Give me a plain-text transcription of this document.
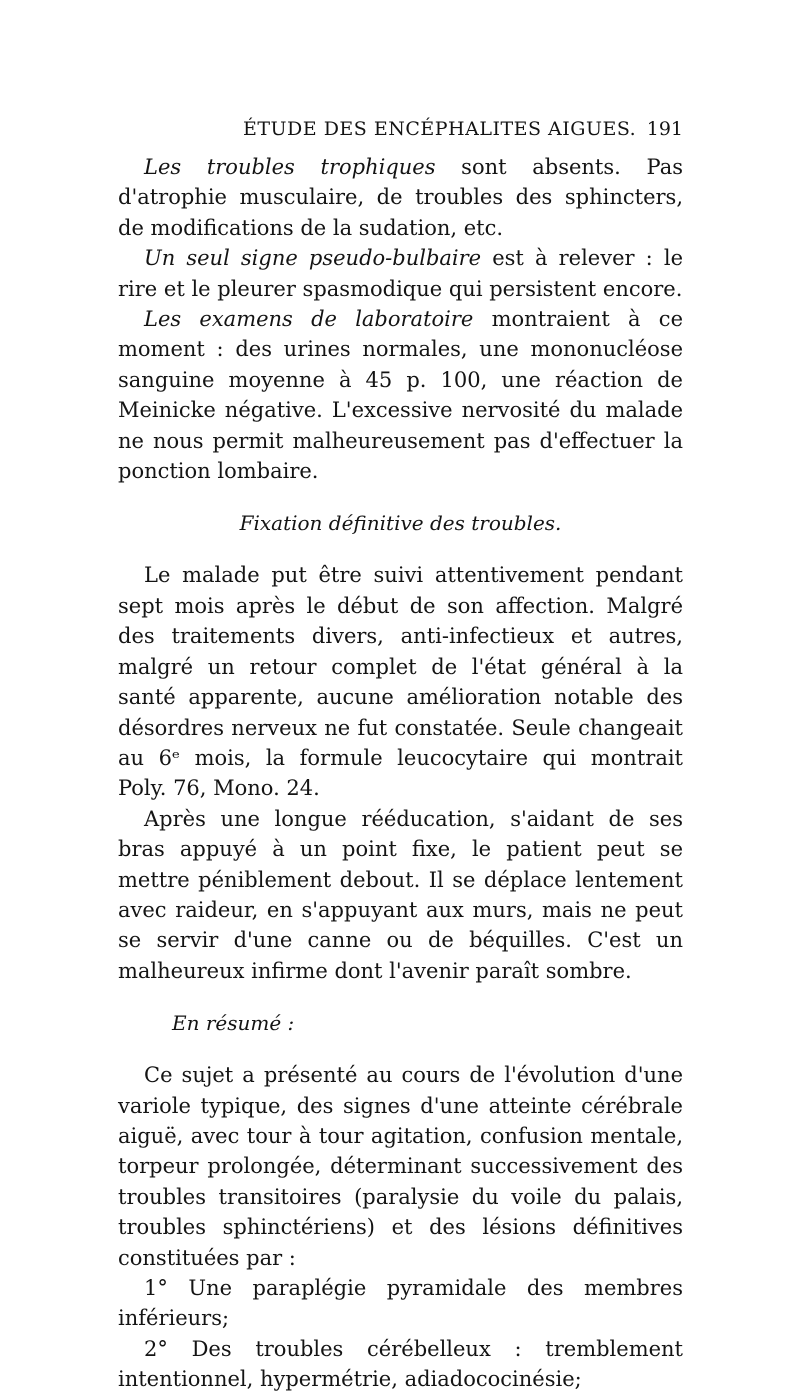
ÉTUDE DES ENCÉPHALITES AIGUES. 191

Les troubles trophiques sont absents. Pas d'atrophie musculaire, de troubles des sphincters, de modifications de la sudation, etc.

Un seul signe pseudo-bulbaire est à relever : le rire et le pleurer spasmodique qui persistent encore.

Les examens de laboratoire montraient à ce moment : des urines normales, une mononucléose sanguine moyenne à 45 p. 100, une réaction de Meinicke négative. L'excessive nervosité du malade ne nous permit malheureusement pas d'effectuer la ponction lombaire.

Fixation définitive des troubles.

Le malade put être suivi attentivement pendant sept mois après le début de son affection. Malgré des traitements divers, anti-infectieux et autres, malgré un retour complet de l'état général à la santé apparente, aucune amélioration notable des désordres nerveux ne fut constatée. Seule changeait au 6ᵉ mois, la formule leucocytaire qui montrait Poly. 76, Mono. 24.

Après une longue rééducation, s'aidant de ses bras appuyé à un point fixe, le patient peut se mettre péniblement debout. Il se déplace lentement avec raideur, en s'appuyant aux murs, mais ne peut se servir d'une canne ou de béquilles. C'est un malheureux infirme dont l'avenir paraît sombre.

En résumé :

Ce sujet a présenté au cours de l'évolution d'une variole typique, des signes d'une atteinte cérébrale aiguë, avec tour à tour agitation, confusion mentale, torpeur prolongée, déterminant successivement des troubles transitoires (paralysie du voile du palais, troubles sphinctériens) et des lésions définitives constituées par :

1° Une paraplégie pyramidale des membres inférieurs;

2° Des troubles cérébelleux : tremblement intentionnel, hypermétrie, adiadococinésie;
